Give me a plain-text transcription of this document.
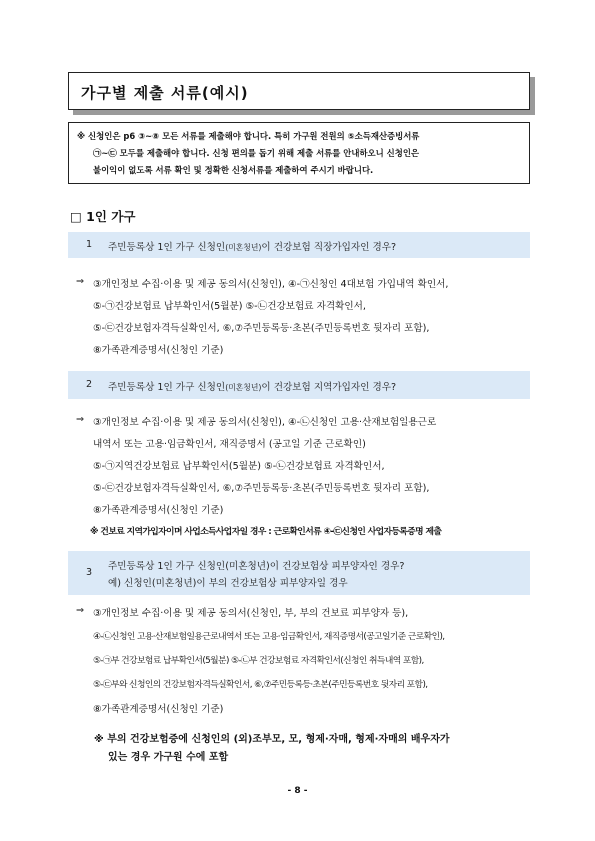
가구별 제출 서류(예시)
※ 신청인은 p6 ③~⑧ 모든 서류를 제출해야 합니다. 특히 가구원 전원의 ⑤소득재산증빙서류
㉠~㉢ 모두를 제출해야 합니다. 신청 편의를 돕기 위해 제출 서류를 안내하오니 신청인은
불이익이 없도록 서류 확인 및 정확한 신청서류를 제출하여 주시기 바랍니다.
□ 1인 가구
1 주민등록상 1인 가구 신청인(미혼청년)이 건강보험 직장가입자인 경우?
⇒ ③개인정보 수집·이용 및 제공 동의서(신청인), ④-㉠신청인 4대보험 가입내역 확인서,
⑤-㉠건강보험료 납부확인서(5월분) ⑤-㉡건강보험료 자격확인서,
⑤-㉢건강보험자격득실확인서, ⑥,⑦주민등록등·초본(주민등록번호 뒷자리 포함),
⑧가족관계증명서(신청인 기준)
2 주민등록상 1인 가구 신청인(미혼청년)이 건강보험 지역가입자인 경우?
⇒ ③개인정보 수집·이용 및 제공 동의서(신청인), ④-㉡신청인 고용·산재보험일용근로
내역서 또는 고용·임금확인서, 재직증명서 (공고일 기준 근로확인)
⑤-㉠지역건강보험료 납부확인서(5월분) ⑤-㉡건강보험료 자격확인서,
⑤-㉢건강보험자격득실확인서, ⑥,⑦주민등록등·초본(주민등록번호 뒷자리 포함),
⑧가족관계증명서(신청인 기준)
※ 건보료 지역가입자이며 사업소득사업자일 경우 : 근로확인서류 ④-㉢신청인 사업자등록증명 제출
3
주민등록상 1인 가구 신청인(미혼청년)이 건강보험상 피부양자인 경우?
예) 신청인(미혼청년)이 부의 건강보험상 피부양자일 경우
⇒ ③개인정보 수집·이용 및 제공 동의서(신청인, 부, 부의 건보료 피부양자 등),
④-㉡신청인 고용·산재보험일용근로내역서 또는 고용·임금확인서, 재직증명서(공고일기준 근로확인),
⑤-㉠부 건강보험료 납부확인서(5월분) ⑤-㉡부 건강보험료 자격확인서(신청인 취득내역 포함),
⑤-㉢부와 신청인의 건강보험자격득실확인서, ⑥,⑦주민등록등·초본(주민등록번호 뒷자리 포함),
⑧가족관계증명서(신청인 기준)
※ 부의 건강보험증에 신청인의 (외)조부모, 모, 형제·자매, 형제·자매의 배우자가
있는 경우 가구원 수에 포함
- 8 -
